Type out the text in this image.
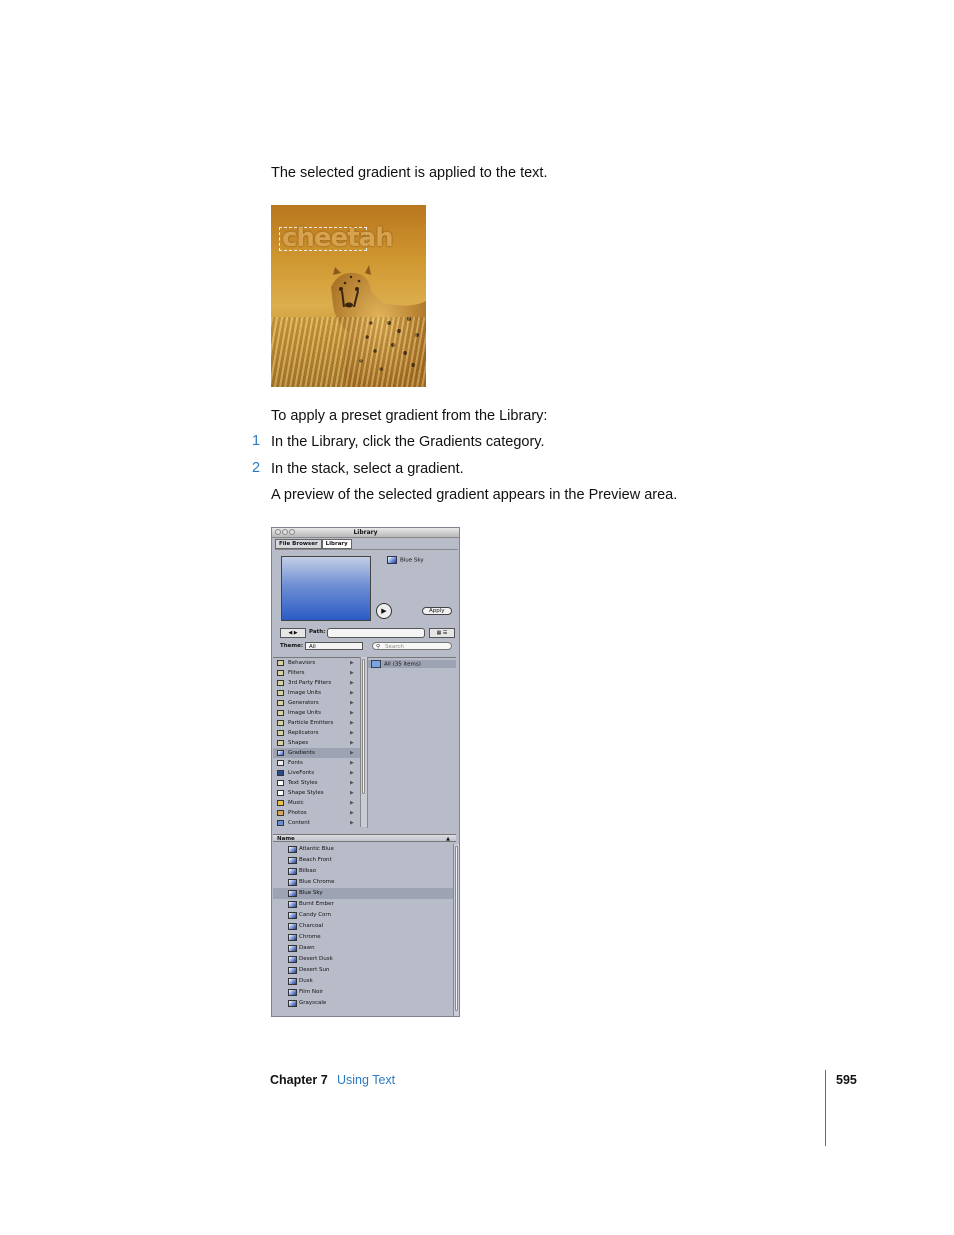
The selected gradient is applied to the text.
cheetah
To apply a preset gradient from the Library:
1 In the Library, click the Gradients category.
2 In the stack, select a gradient.
A preview of the selected gradient appears in the Preview area.
Library
File Browser Library
Blue Sky
▶	Apply
◀ ▶	Path:	▦ ☰
Theme:	All	⚲ Search
Behaviors	▶
Filters	▶
3rd Party Filters	▶
Image Units	▶
Generators	▶
Image Units	▶
Particle Emitters	▶
Replicators	▶
Shapes	▶
Gradients	▶
Fonts	▶
LiveFonts	▶
Text Styles	▶
Shape Styles	▶
Music	▶
Photos	▶
Content	▶
All (35 items)
Name	▲
Atlantic Blue
Beach Front
Bilbao
Blue Chrome
Blue Sky
Burnt Ember
Candy Corn
Charcoal
Chrome
Dawn
Desert Dusk
Desert Sun
Dusk
Film Noir
Grayscale
Chapter 7 Using Text	595
